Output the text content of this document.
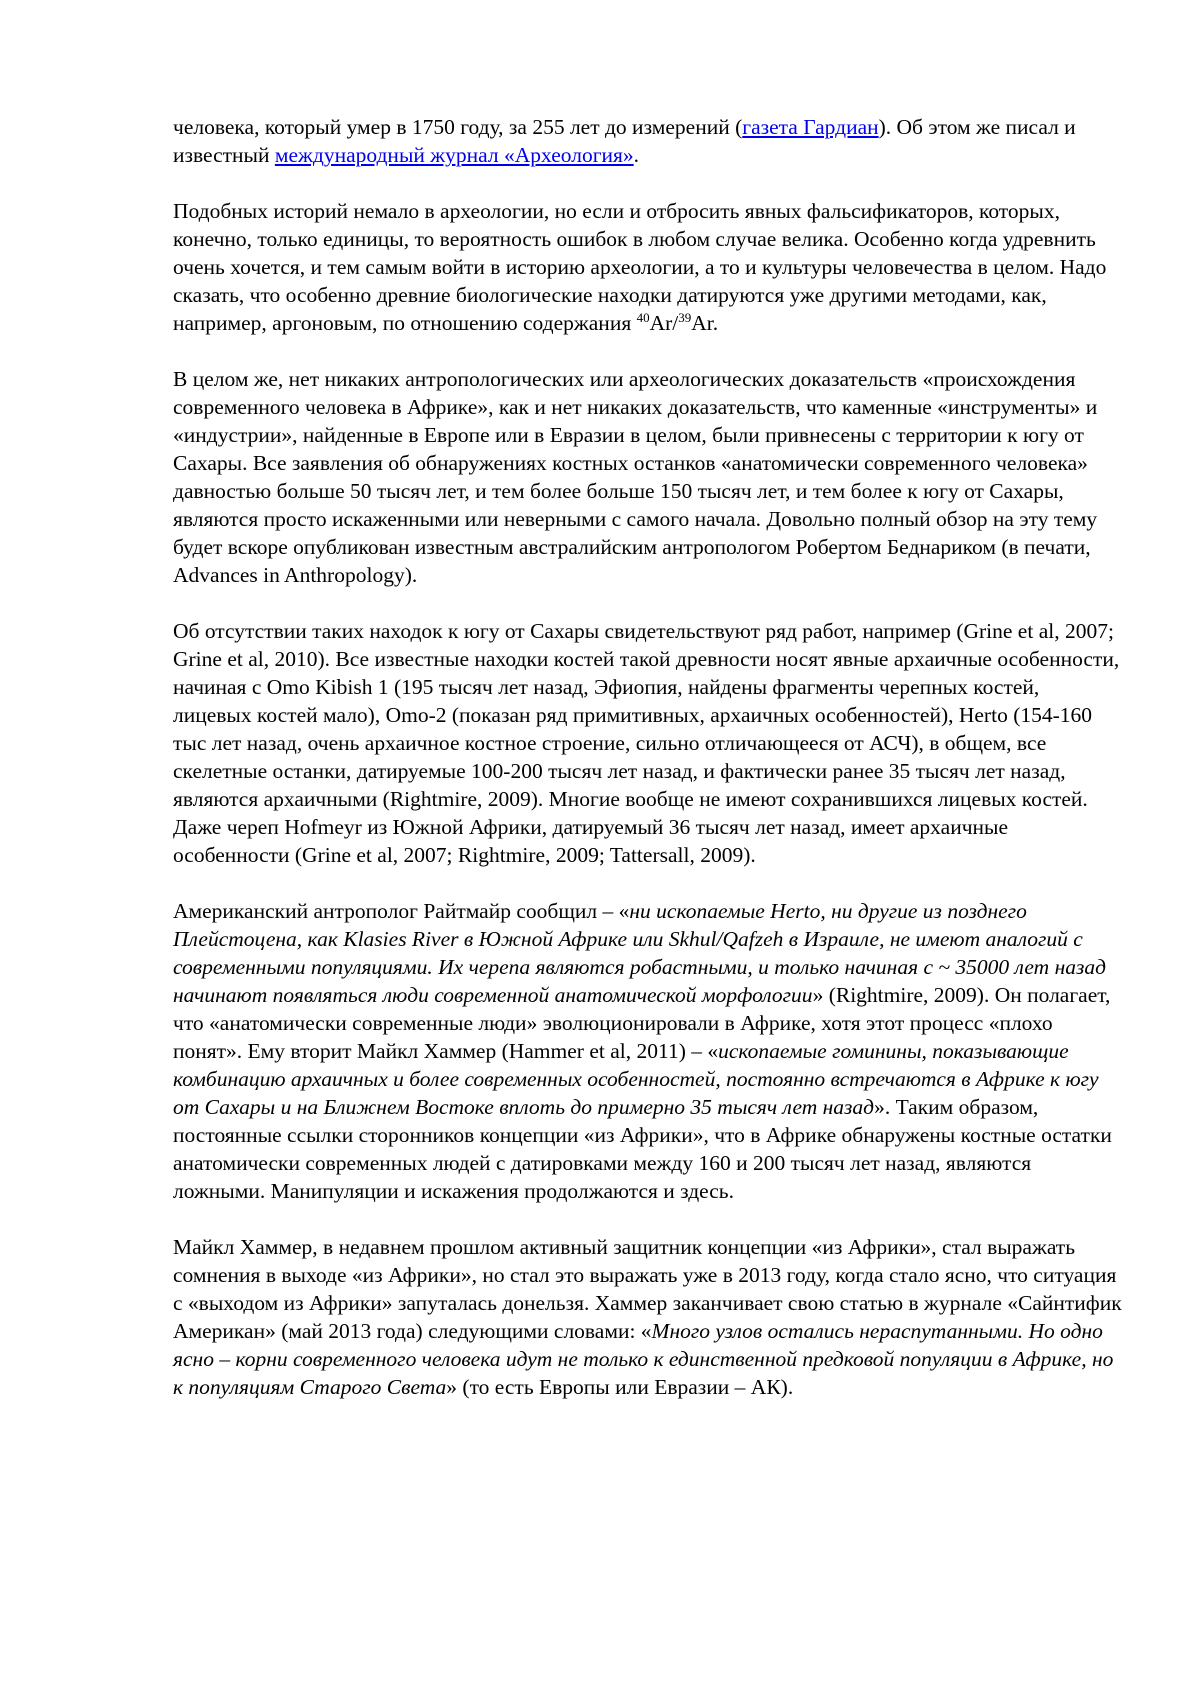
человека, который умер в 1750 году, за 255 лет до измерений (газета Гардиан). Об этом же писал и известный международный журнал «Археология».

Подобных историй немало в археологии, но если и отбросить явных фальсификаторов, которых, конечно, только единицы, то вероятность ошибок в любом случае велика. Особенно когда удревнить очень хочется, и тем самым войти в историю археологии, а то и культуры человечества в целом. Надо сказать, что особенно древние биологические находки датируются уже другими методами, как, например, аргоновым, по отношению содержания $^{40}$Ar/$^{39}$Ar.

В целом же, нет никаких антропологических или археологических доказательств «происхождения современного человека в Африке», как и нет никаких доказательств, что каменные «инструменты» и «индустрии», найденные в Европе или в Евразии в целом, были привнесены с территории к югу от Сахары. Все заявления об обнаружениях костных останков «анатомически современного человека» давностью больше 50 тысяч лет, и тем более больше 150 тысяч лет, и тем более к югу от Сахары, являются просто искаженными или неверными с самого начала. Довольно полный обзор на эту тему будет вскоре опубликован известным австралийским антропологом Робертом Беднариком (в печати, Advances in Anthropology).

Об отсутствии таких находок к югу от Сахары свидетельствуют ряд работ, например (Grine et al, 2007; Grine et al, 2010). Все известные находки костей такой древности носят явные архаичные особенности, начиная с Omo Kibish 1 (195 тысяч лет назад, Эфиопия, найдены фрагменты черепных костей, лицевых костей мало), Omo-2 (показан ряд примитивных, архаичных особенностей), Herto (154-160 тыс лет назад, очень архаичное костное строение, сильно отличающееся от АСЧ), в общем, все скелетные останки, датируемые 100-200 тысяч лет назад, и фактически ранее 35 тысяч лет назад, являются архаичными (Rightmire, 2009). Многие вообще не имеют сохранившихся лицевых костей. Даже череп Hofmeyr из Южной Африки, датируемый 36 тысяч лет назад, имеет архаичные особенности (Grine et al, 2007; Rightmire, 2009; Tattersall, 2009).

Американский антрополог Райтмайр сообщил – «ни ископаемые Herto, ни другие из позднего Плейстоцена, как Klasies River в Южной Африке или Skhul/Qafzeh в Израиле, не имеют аналогий с современными популяциями. Их черепа являются робастными, и только начиная с ~ 35000 лет назад начинают появляться люди современной анатомической морфологии» (Rightmire, 2009). Он полагает, что «анатомически современные люди» эволюционировали в Африке, хотя этот процесс «плохо понят». Ему вторит Майкл Хаммер (Hammer et al, 2011) – «ископаемые гоминины, показывающие комбинацию архаичных и более современных особенностей, постоянно встречаются в Африке к югу от Сахары и на Ближнем Востоке вплоть до примерно 35 тысяч лет назад». Таким образом, постоянные ссылки сторонников концепции «из Африки», что в Африке обнаружены костные остатки анатомически современных людей с датировками между 160 и 200 тысяч лет назад, являются ложными. Манипуляции и искажения продолжаются и здесь.

Майкл Хаммер, в недавнем прошлом активный защитник концепции «из Африки», стал выражать сомнения в выходе «из Африки», но стал это выражать уже в 2013 году, когда стало ясно, что ситуация с «выходом из Африки» запуталась донельзя. Хаммер заканчивает свою статью в журнале «Сайнтифик Американ» (май 2013 года) следующими словами: «Много узлов остались нераспутанными. Но одно ясно – корни современного человека идут не только к единственной предковой популяции в Африке, но к популяциям Старого Света» (то есть Европы или Евразии – АК).
